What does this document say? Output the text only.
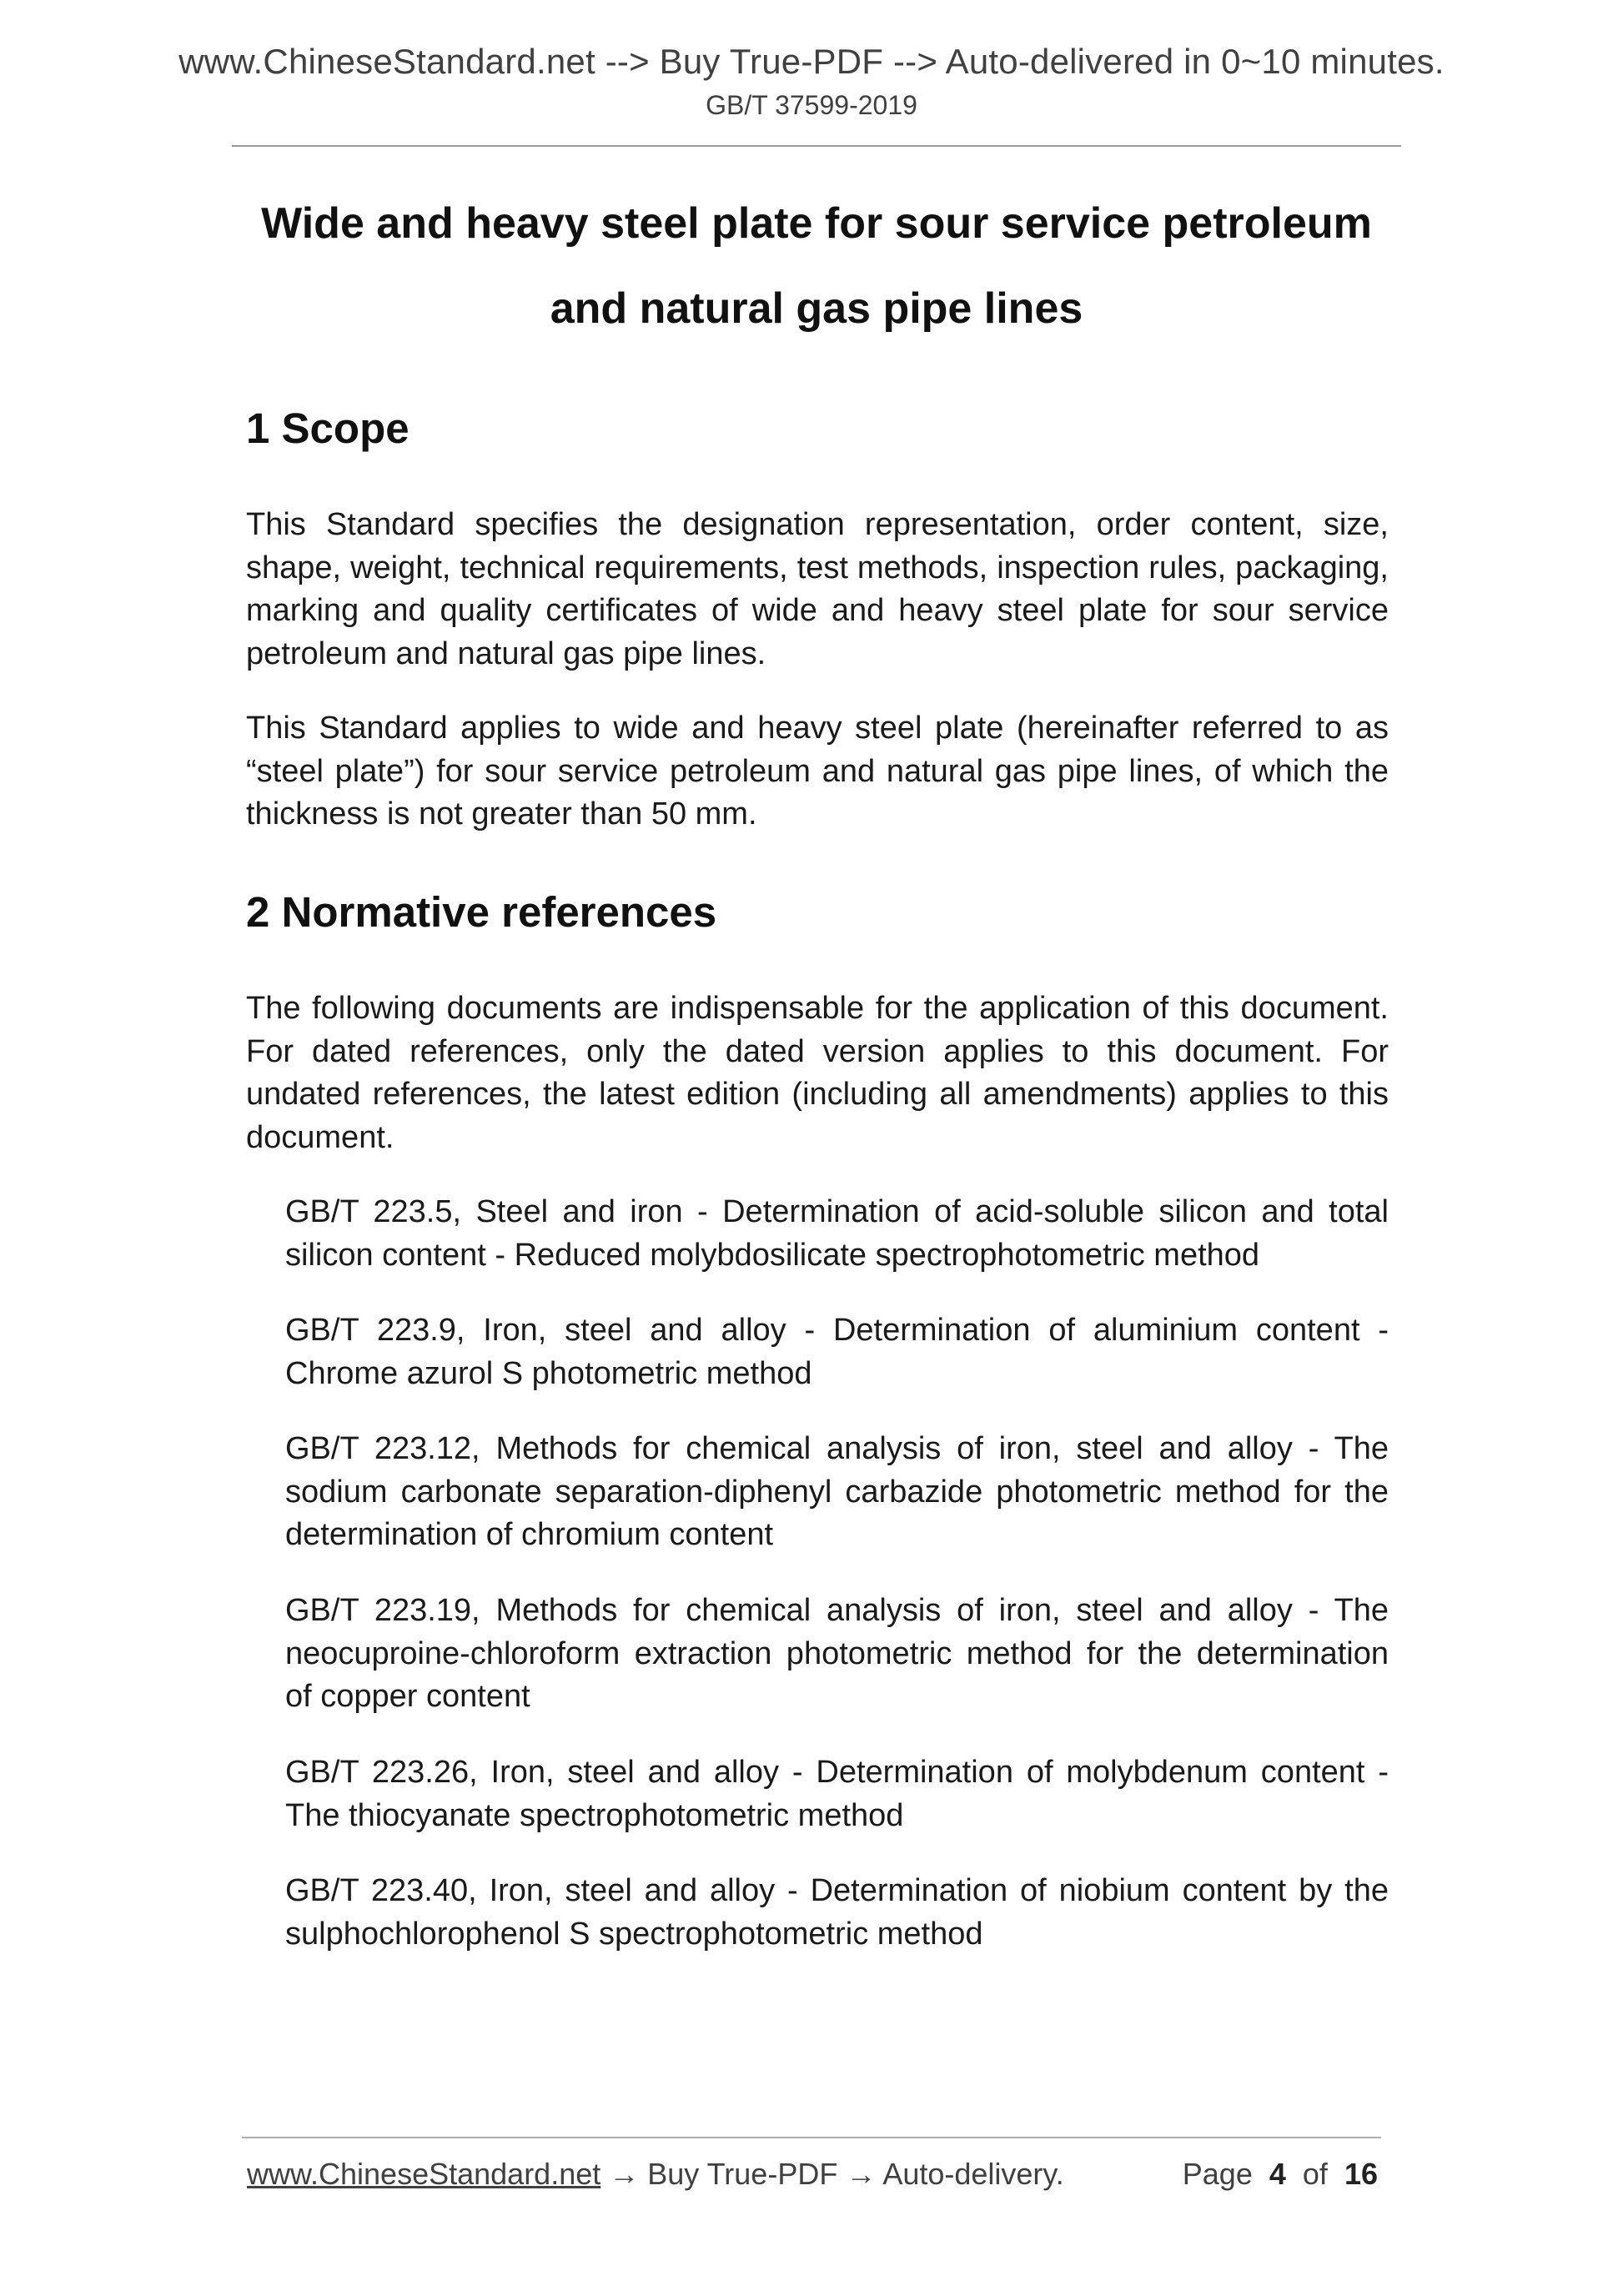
www.ChineseStandard.net --> Buy True-PDF --> Auto-delivered in 0~10 minutes.
GB/T 37599-2019
Wide and heavy steel plate for sour service petroleum
and natural gas pipe lines
1 Scope
This Standard specifies the designation representation, order content, size, shape, weight, technical requirements, test methods, inspection rules, packaging, marking and quality certificates of wide and heavy steel plate for sour service petroleum and natural gas pipe lines.
This Standard applies to wide and heavy steel plate (hereinafter referred to as “steel plate”) for sour service petroleum and natural gas pipe lines, of which the thickness is not greater than 50 mm.
2 Normative references
The following documents are indispensable for the application of this document. For dated references, only the dated version applies to this document. For undated references, the latest edition (including all amendments) applies to this document.
GB/T 223.5, Steel and iron - Determination of acid-soluble silicon and total silicon content - Reduced molybdosilicate spectrophotometric method
GB/T 223.9, Iron, steel and alloy - Determination of aluminium content - Chrome azurol S photometric method
GB/T 223.12, Methods for chemical analysis of iron, steel and alloy - The sodium carbonate separation-diphenyl carbazide photometric method for the determination of chromium content
GB/T 223.19, Methods for chemical analysis of iron, steel and alloy - The neocuproine-chloroform extraction photometric method for the determination of copper content
GB/T 223.26, Iron, steel and alloy - Determination of molybdenum content - The thiocyanate spectrophotometric method
GB/T 223.40, Iron, steel and alloy - Determination of niobium content by the sulphochlorophenol S spectrophotometric method
www.ChineseStandard.net → Buy True-PDF → Auto-delivery.	Page 4 of 16
